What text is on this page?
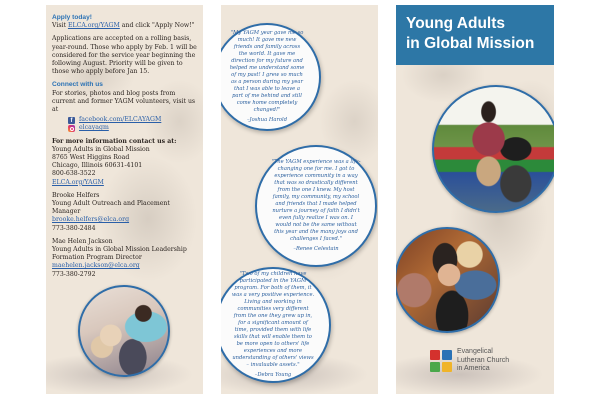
Apply today!

Visit ELCA.org/YAGM and click "Apply Now!"

Applications are accepted on a rolling basis, year-round. Those who apply by Feb. 1 will be considered for the service year beginning the following August. Priority will be given to those who apply before Jan 15.

Connect with us

For stories, photos and blog posts from current and former YAGM volunteers, visit us at

f	facebook.com/ELCAYAGM
elcayagm
For more information contact us at:
Young Adults in Global Mission
8765 West Higgins Road
Chicago, Illinois 60631-4101
800-638-3522

ELCA.org/YAGM

Brooke Helfers
Young Adult Outreach and Placement Manager
brooke.helfers@elca.org

773-380-2484

Mae Helen Jackson
Young Adults in Global Mission Leadership
Formation Program Director
maehelen.jackson@elca.org
773-380-2792
"My YAGM year gave me so much! It gave me new friends and family across the world. It gave me direction for my future and helped me understand some of my past! I grew so much as a person during my year that I was able to leave a part of me behind and still come home completely changed!"
–Joshua Harold
"The YAGM experience was a life-changing one for me. I got to experience community in a way that was so drastically different from the one I knew. My host family, my community, my school and friends that I made helped nurture a journey of faith I didn't even fully realize I was on. I would not be the same without this year and the many joys and challenges I faced."
–Renee Celestain
"Two of my children have participated in the YAGM program. For both of them, it was a very positive experience. Living and working in communities very different from the one they grew up in, for a significant amount of time, provided them with life skills that will enable them to be more open to others' life experiences and more understanding of others' views – invaluable assets."
–Debra Young
Young Adults
in Global Mission
Evangelical
Lutheran Church
in America
